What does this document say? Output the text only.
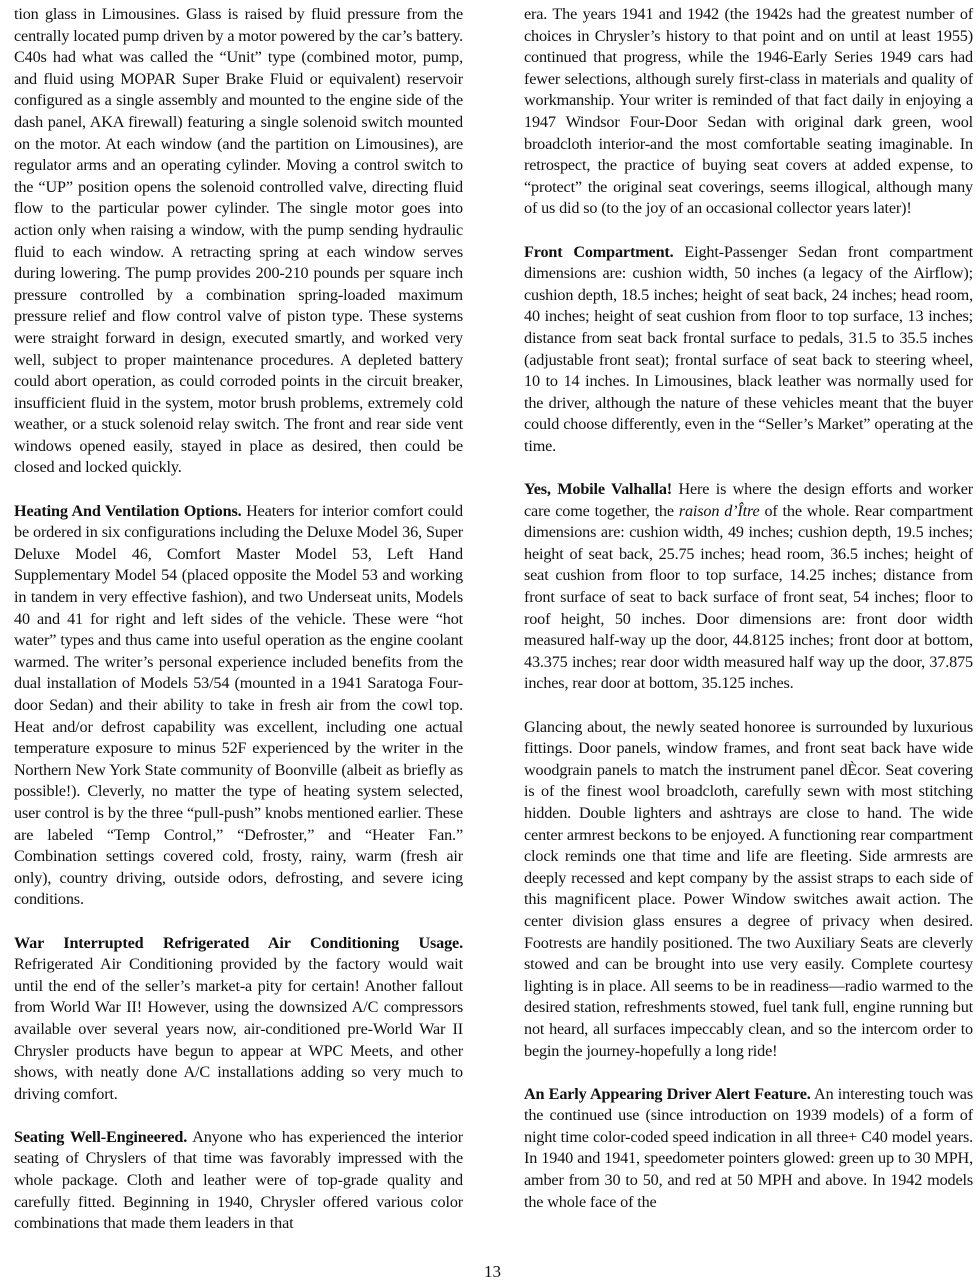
tion glass in Limousines. Glass is raised by fluid pressure from the centrally located pump driven by a motor powered by the car’s battery. C40s had what was called the “Unit” type (combined motor, pump, and fluid using MOPAR Super Brake Fluid or equivalent) reservoir configured as a single assembly and mounted to the engine side of the dash panel, AKA firewall) featuring a single solenoid switch mounted on the motor. At each window (and the partition on Limousines), are regulator arms and an operating cylinder. Moving a control switch to the “UP” position opens the solenoid controlled valve, directing fluid flow to the particular power cylinder. The single motor goes into action only when raising a window, with the pump sending hydraulic fluid to each window. A retracting spring at each window serves during lowering. The pump provides 200-210 pounds per square inch pressure controlled by a combination spring-loaded maximum pressure relief and flow control valve of piston type. These systems were straight forward in design, executed smartly, and worked very well, subject to proper maintenance procedures. A depleted battery could abort operation, as could corroded points in the circuit breaker, insufficient fluid in the system, motor brush problems, extremely cold weather, or a stuck solenoid relay switch. The front and rear side vent windows opened easily, stayed in place as desired, then could be closed and locked quickly.

Heating And Ventilation Options. Heaters for interior comfort could be ordered in six configurations including the Deluxe Model 36, Super Deluxe Model 46, Comfort Master Model 53, Left Hand Supplementary Model 54 (placed opposite the Model 53 and working in tandem in very effective fashion), and two Underseat units, Models 40 and 41 for right and left sides of the vehicle. These were “hot water” types and thus came into useful operation as the engine coolant warmed. The writer’s personal experience included benefits from the dual installation of Models 53/54 (mounted in a 1941 Saratoga Four-door Sedan) and their ability to take in fresh air from the cowl top. Heat and/or defrost capability was excellent, including one actual temperature exposure to minus 52F experienced by the writer in the Northern New York State community of Boonville (albeit as briefly as possible!). Cleverly, no matter the type of heating system selected, user control is by the three “pull-push” knobs mentioned earlier. These are labeled “Temp Control,” “Defroster,” and “Heater Fan.” Combination settings covered cold, frosty, rainy, warm (fresh air only), country driving, outside odors, defrosting, and severe icing conditions.

War Interrupted Refrigerated Air Conditioning Usage. Refrigerated Air Conditioning provided by the factory would wait until the end of the seller’s market-a pity for certain! Another fallout from World War II! However, using the downsized A/C compressors available over several years now, air-conditioned pre-World War II Chrysler products have begun to appear at WPC Meets, and other shows, with neatly done A/C installations adding so very much to driving comfort.

Seating Well-Engineered. Anyone who has experienced the interior seating of Chryslers of that time was favorably impressed with the whole package. Cloth and leather were of top-grade quality and carefully fitted. Beginning in 1940, Chrysler offered various color combinations that made them leaders in that

era. The years 1941 and 1942 (the 1942s had the greatest number of choices in Chrysler’s history to that point and on until at least 1955) continued that progress, while the 1946-Early Series 1949 cars had fewer selections, although surely first-class in materials and quality of workmanship. Your writer is reminded of that fact daily in enjoying a 1947 Windsor Four-Door Sedan with original dark green, wool broadcloth interior-and the most comfortable seating imaginable. In retrospect, the practice of buying seat covers at added expense, to “protect” the original seat coverings, seems illogical, although many of us did so (to the joy of an occasional collector years later)!

Front Compartment. Eight-Passenger Sedan front compartment dimensions are: cushion width, 50 inches (a legacy of the Airflow); cushion depth, 18.5 inches; height of seat back, 24 inches; head room, 40 inches; height of seat cushion from floor to top surface, 13 inches; distance from seat back frontal surface to pedals, 31.5 to 35.5 inches (adjustable front seat); frontal surface of seat back to steering wheel, 10 to 14 inches. In Limousines, black leather was normally used for the driver, although the nature of these vehicles meant that the buyer could choose differently, even in the “Seller’s Market” operating at the time.

Yes, Mobile Valhalla! Here is where the design efforts and worker care come together, the raison d’Ître of the whole. Rear compartment dimensions are: cushion width, 49 inches; cushion depth, 19.5 inches; height of seat back, 25.75 inches; head room, 36.5 inches; height of seat cushion from floor to top surface, 14.25 inches; distance from front surface of seat to back surface of front seat, 54 inches; floor to roof height, 50 inches. Door dimensions are: front door width measured half-way up the door, 44.8125 inches; front door at bottom, 43.375 inches; rear door width measured half way up the door, 37.875 inches, rear door at bottom, 35.125 inches.

Glancing about, the newly seated honoree is surrounded by luxurious fittings. Door panels, window frames, and front seat back have wide woodgrain panels to match the instrument panel dÈcor. Seat covering is of the finest wool broadcloth, carefully sewn with most stitching hidden. Double lighters and ashtrays are close to hand. The wide center armrest beckons to be enjoyed. A functioning rear compartment clock reminds one that time and life are fleeting. Side armrests are deeply recessed and kept company by the assist straps to each side of this magnificent place. Power Window switches await action. The center division glass ensures a degree of privacy when desired. Footrests are handily positioned. The two Auxiliary Seats are cleverly stowed and can be brought into use very easily. Complete courtesy lighting is in place. All seems to be in readiness—radio warmed to the desired station, refreshments stowed, fuel tank full, engine running but not heard, all surfaces impeccably clean, and so the intercom order to begin the journey-hopefully a long ride!

An Early Appearing Driver Alert Feature. An interesting touch was the continued use (since introduction on 1939 models) of a form of night time color-coded speed indication in all three+ C40 model years. In 1940 and 1941, speedometer pointers glowed: green up to 30 MPH, amber from 30 to 50, and red at 50 MPH and above. In 1942 models the whole face of the

13
